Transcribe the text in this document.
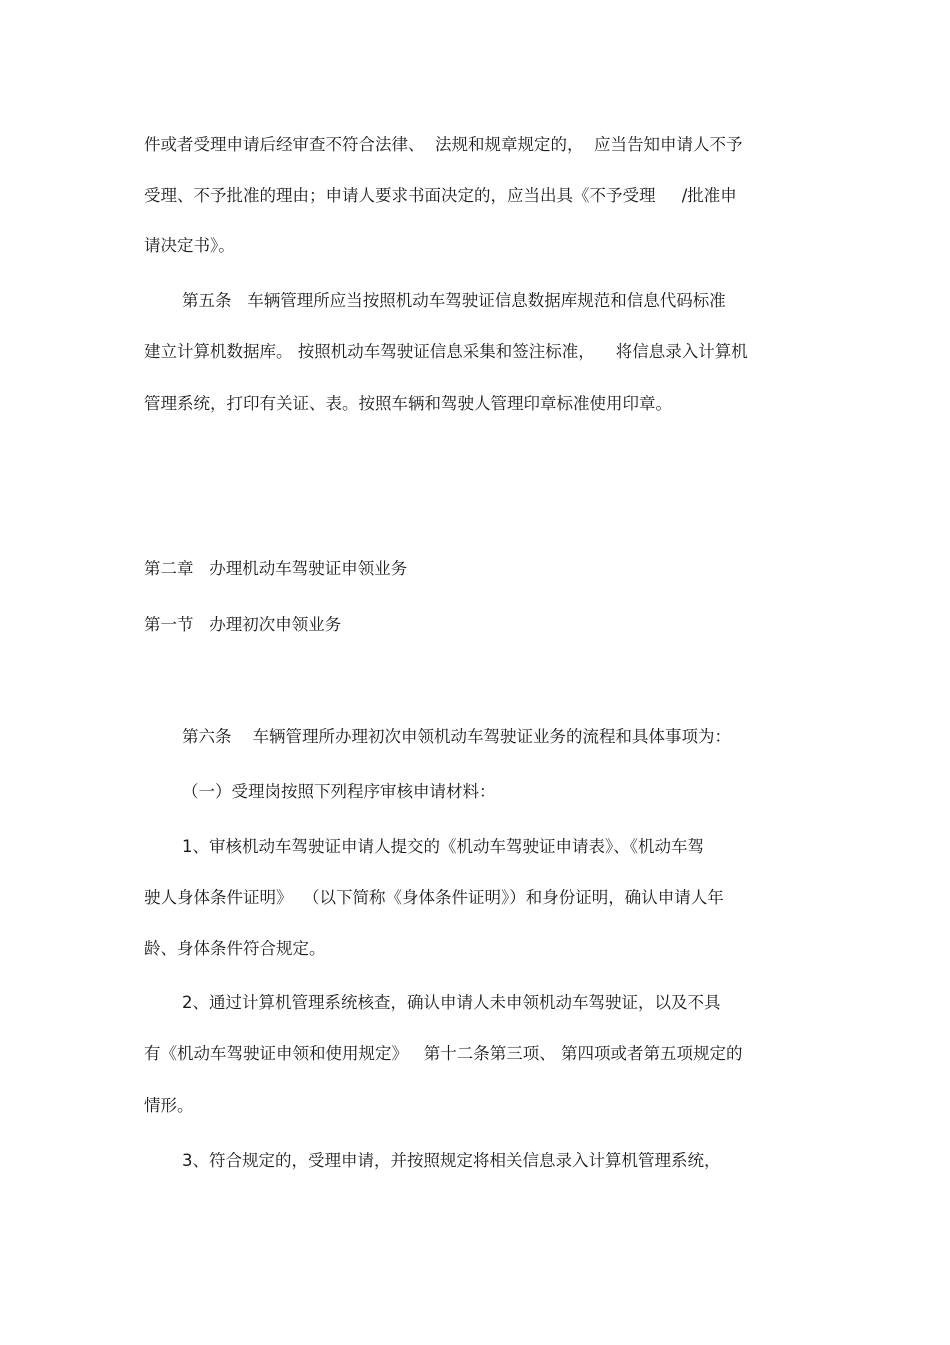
件或者受理申请后经审查不符合法律、  法规和规章规定的，  应当告知申请人不予
受理、不予批准的理由；申请人要求书面决定的，应当出具《不予受理     /批准申
请决定书》。
第五条   车辆管理所应当按照机动车驾驶证信息数据库规范和信息代码标准
建立计算机数据库。 按照机动车驾驶证信息采集和签注标准，    将信息录入计算机
管理系统，打印有关证、表。按照车辆和驾驶人管理印章标准使用印章。
第二章   办理机动车驾驶证申领业务
第一节   办理初次申领业务
第六条    车辆管理所办理初次申领机动车驾驶证业务的流程和具体事项为：
（一）受理岗按照下列程序审核申请材料：
1、审核机动车驾驶证申请人提交的《机动车驾驶证申请表》、《机动车驾
驶人身体条件证明》  （以下简称《身体条件证明》）和身份证明，确认申请人年
龄、身体条件符合规定。
2、通过计算机管理系统核查，确认申请人未申领机动车驾驶证，以及不具
有《机动车驾驶证申领和使用规定》   第十二条第三项、 第四项或者第五项规定的
情形。
3、符合规定的，受理申请，并按照规定将相关信息录入计算机管理系统，
